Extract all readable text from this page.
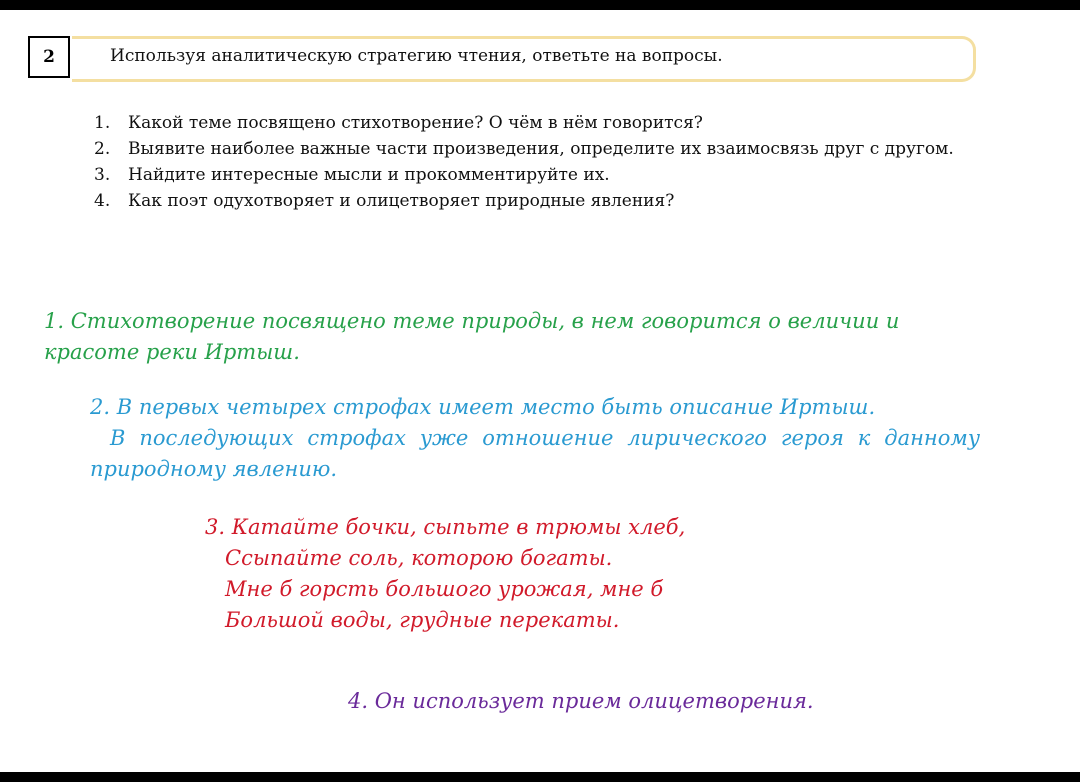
2	Используя аналитическую стратегию чтения, ответьте на вопросы.
1. Какой теме посвящено стихотворение? О чём в нём говорится?
2. Выявите наиболее важные части произведения, определите их взаимосвязь друг с другом.
3. Найдите интересные мысли и прокомментируйте их.
4. Как поэт одухотворяет и олицетворяет природные явления?

1. Стихотворение посвящено теме природы, в нем говорится о величии и красоте реки Иртыш.

2. В первых четырех строфах имеет место быть описание Иртыш.
В последующих строфах уже отношение лирического героя к данному природному явлению.
3. Катайте бочки, сыпьте в трюмы хлеб,
Ссыпайте соль, которою богаты.
Мне б горсть большого урожая, мне б
Большой воды, грудные перекаты.

4. Он использует прием олицетворения.
